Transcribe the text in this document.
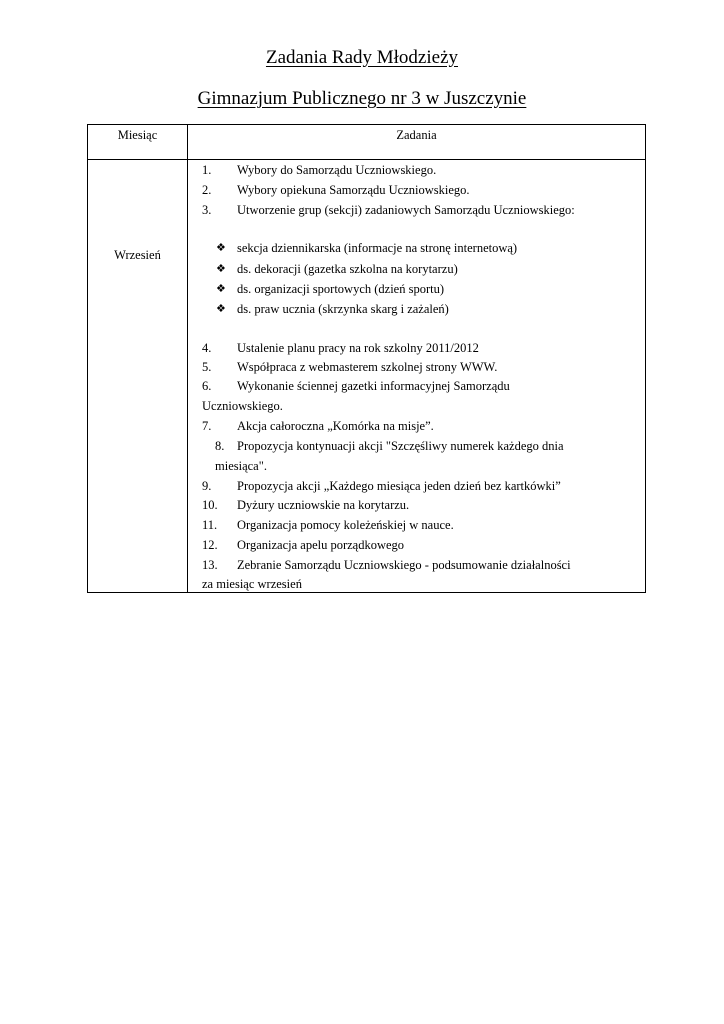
Zadania Rady Młodzieży
Gimnazjum Publicznego nr 3 w Juszczynie
Miesiąc	Zadania
Wrzesień
1. Wybory do Samorządu Uczniowskiego.
2. Wybory opiekuna Samorządu Uczniowskiego.
3. Utworzenie grup (sekcji) zadaniowych Samorządu Uczniowskiego:
❖ sekcja dziennikarska (informacje na stronę internetową)
❖ ds. dekoracji (gazetka szkolna na korytarzu)
❖ ds. organizacji sportowych (dzień sportu)
❖ ds. praw ucznia (skrzynka skarg i zażaleń)
4. Ustalenie planu pracy na rok szkolny 2011/2012
5. Współpraca z webmasterem szkolnej strony WWW.
6. Wykonanie ściennej gazetki informacyjnej Samorządu
Uczniowskiego.
7. Akcja całoroczna „Komórka na misje”.
8. Propozycja kontynuacji akcji "Szczęśliwy numerek każdego dnia
miesiąca".
9. Propozycja akcji „Każdego miesiąca jeden dzień bez kartkówki”
10. Dyżury uczniowskie na korytarzu.
11. Organizacja pomocy koleżeńskiej w nauce.
12. Organizacja apelu porządkowego
13. Zebranie Samorządu Uczniowskiego - podsumowanie działalności
za miesiąc wrzesień
